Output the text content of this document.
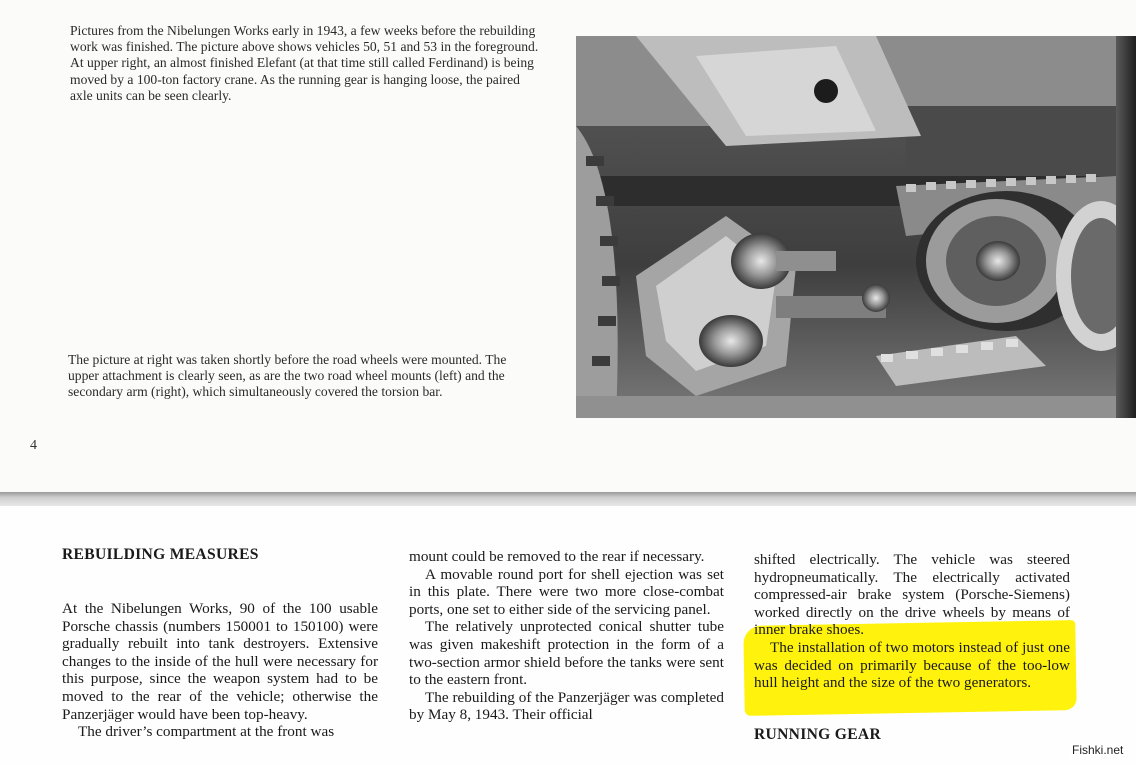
Pictures from the Nibelungen Works early in 1943, a few weeks before the rebuilding work was finished. The picture above shows vehicles 50, 51 and 53 in the foreground. At upper right, an almost finished Elefant (at that time still called Ferdinand) is being moved by a 100-ton factory crane. As the running gear is hanging loose, the paired axle units can be seen clearly.
The picture at right was taken shortly before the road wheels were mounted. The upper attachment is clearly seen, as are the two road wheel mounts (left) and the secondary arm (right), which simultaneously covered the torsion bar.
4
REBUILDING MEASURES

At the Nibelungen Works, 90 of the 100 usable Porsche chassis (numbers 150001 to 150100) were gradually rebuilt into tank destroyers. Extensive changes to the inside of the hull were necessary for this purpose, since the weapon system had to be moved to the rear of the vehicle; otherwise the Panzerjäger would have been top-heavy.

The driver’s compartment at the front was

mount could be removed to the rear if necessary.

A movable round port for shell ejection was set in this plate. There were two more close-combat ports, one set to either side of the servicing panel.

The relatively unprotected conical shutter tube was given makeshift protection in the form of a two-section armor shield before the tanks were sent to the eastern front.

The rebuilding of the Panzerjäger was completed by May 8, 1943. Their official

shifted electrically. The vehicle was steered hydropneumatically. The electrically activated compressed-air brake system (Porsche-Siemens) worked directly on the drive wheels by means of inner brake shoes.

The installation of two motors instead of just one was decided on primarily because of the too-low hull height and the size of the two generators.

RUNNING GEAR
Fishki.net
